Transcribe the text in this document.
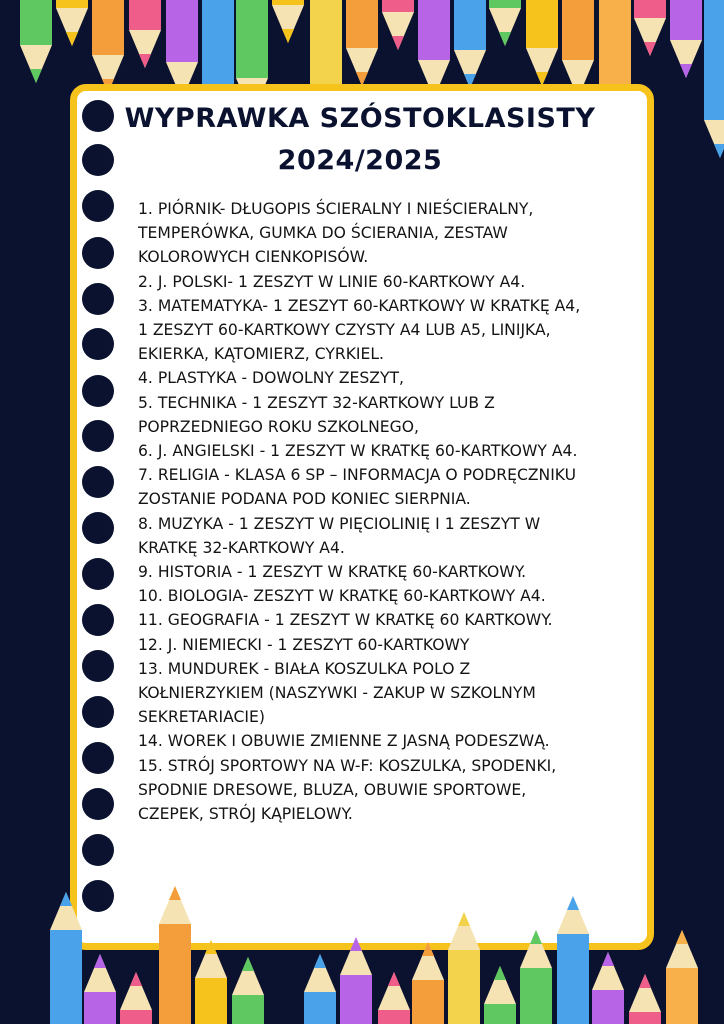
WYPRAWKA SZÓSTOKLASISTY
2024/2025
1. PIÓRNIK- DŁUGOPIS ŚCIERALNY I NIEŚCIERALNY,
TEMPERÓWKA, GUMKA DO ŚCIERANIA, ZESTAW
KOLOROWYCH CIENKOPISÓW.
2. J. POLSKI- 1 ZESZYT W LINIE 60-KARTKOWY A4.
3. MATEMATYKA- 1 ZESZYT 60-KARTKOWY W KRATKĘ A4,
1 ZESZYT 60-KARTKOWY CZYSTY A4 LUB A5, LINIJKA,
EKIERKA, KĄTOMIERZ, CYRKIEL.
4. PLASTYKA - DOWOLNY ZESZYT,
5. TECHNIKA - 1 ZESZYT 32-KARTKOWY LUB Z
POPRZEDNIEGO ROKU SZKOLNEGO,
6. J. ANGIELSKI - 1 ZESZYT W KRATKĘ 60-KARTKOWY A4.
7. RELIGIA - KLASA 6 SP – INFORMACJA O PODRĘCZNIKU
ZOSTANIE PODANA POD KONIEC SIERPNIA.
8. MUZYKA - 1 ZESZYT W PIĘCIOLINIĘ I 1 ZESZYT W
KRATKĘ 32-KARTKOWY A4.
9. HISTORIA - 1 ZESZYT W KRATKĘ 60-KARTKOWY.
10. BIOLOGIA- ZESZYT W KRATKĘ 60-KARTKOWY A4.
11. GEOGRAFIA - 1 ZESZYT W KRATKĘ 60 KARTKOWY.
12. J. NIEMIECKI - 1 ZESZYT 60-KARTKOWY
13. MUNDUREK - BIAŁA KOSZULKA POLO Z
KOŁNIERZYKIEM (NASZYWKI - ZAKUP W SZKOLNYM
SEKRETARIACIE)
14. WOREK I OBUWIE ZMIENNE Z JASNĄ PODESZWĄ.
15. STRÓJ SPORTOWY NA W-F: KOSZULKA, SPODENKI,
SPODNIE DRESOWE, BLUZA, OBUWIE SPORTOWE,
CZEPEK, STRÓJ KĄPIELOWY.
